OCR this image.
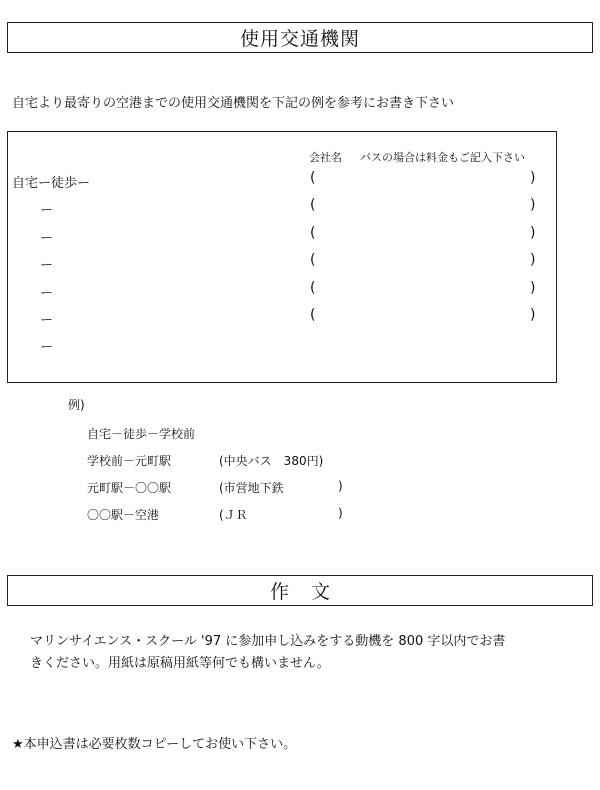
使用交通機関
自宅より最寄りの空港までの使用交通機関を下記の例を参考にお書き下さい
会社名 バスの場合は料金もご記入下さい
自宅ー徒歩ー	(	)
ー	(	)
ー	(	)
ー	(	)
ー	(	)
ー	(	)
ー
例)
自宅－徒歩－学校前
学校前－元町駅	(中央バス　380円)
元町駅－〇〇駅	(市営地下鉄	)
〇〇駅－空港	(ＪＲ	)
作文
マリンサイエンス・スクール '97 に参加申し込みをする動機を 800 字以内でお書
きください。用紙は原稿用紙等何でも構いません。
★本申込書は必要枚数コピーしてお使い下さい。
